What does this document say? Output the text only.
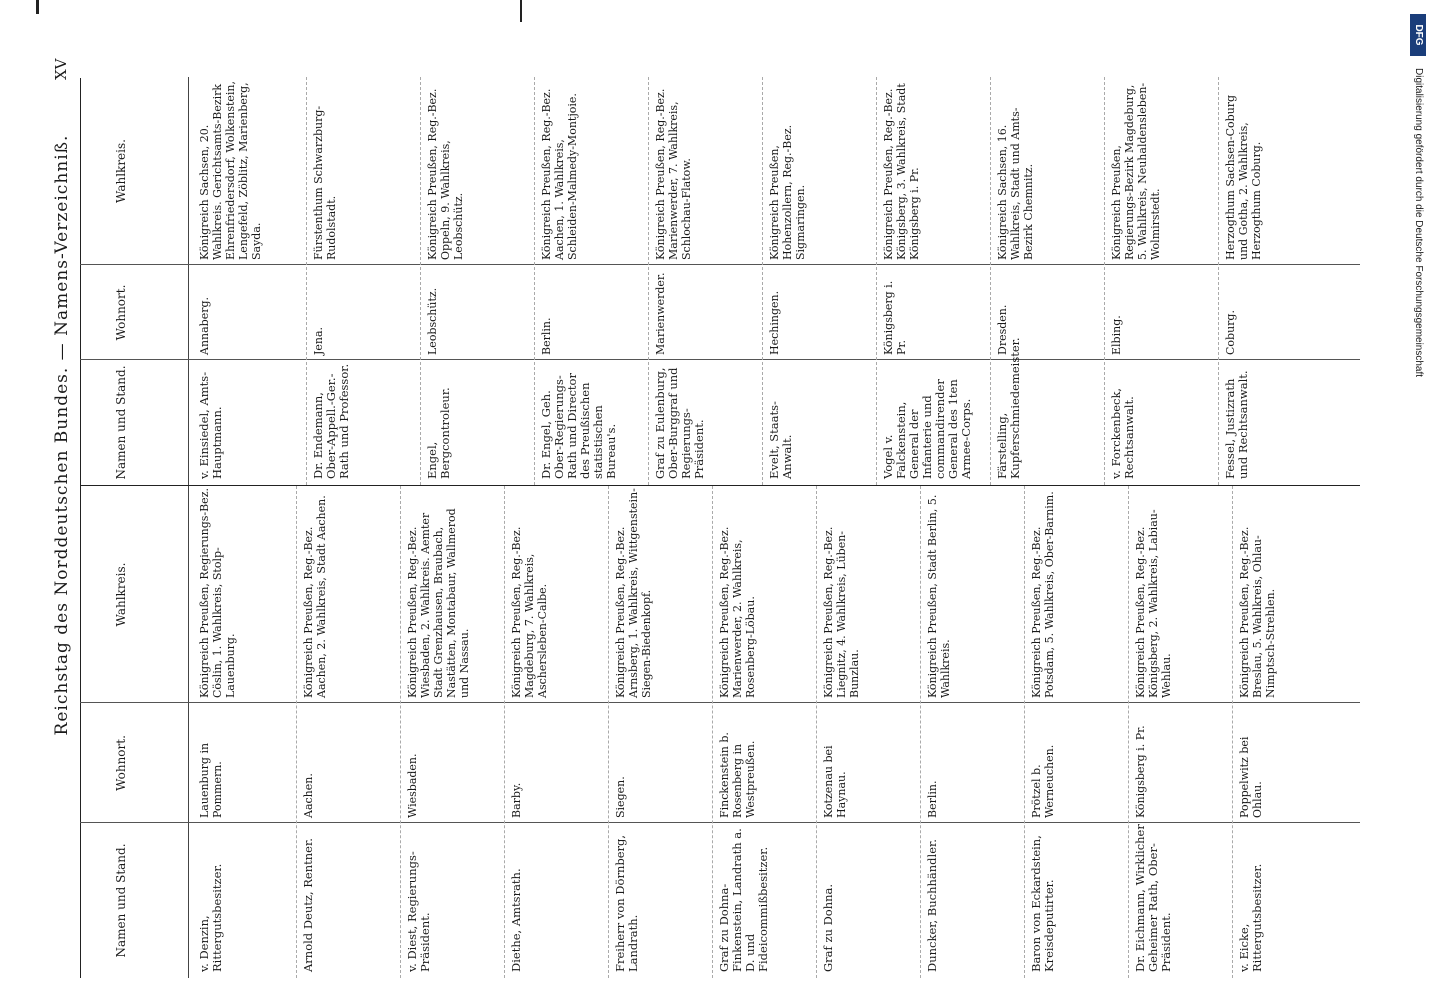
Reichstag des Norddeutschen Bundes. — Namens-Verzeichniß.
XV
Namen und Stand.
Wohnort.
Wahlkreis.
v. Denzin, Rittergutsbesitzer.
Lauenburg in Pommern.
Königreich Preußen, Regierungs-Bez. Cöslin, 1. Wahlkreis, Stolp-Lauenburg.
Arnold Deutz, Rentner.
Aachen.
Königreich Preußen, Reg.-Bez. Aachen, 2. Wahlkreis, Stadt Aachen.
v. Diest, Regierungs-Präsident.
Wiesbaden.
Königreich Preußen, Reg.-Bez. Wiesbaden, 2. Wahlkreis. Aemter Stadt Grenzhausen, Braubach, Nastätten, Montabaur, Wallmerod und Nassau.
Diethe, Amtsrath.
Barby.
Königreich Preußen, Reg.-Bez. Magdeburg, 7. Wahlkreis, Aschersleben-Calbe.
Freiherr von Dörnberg, Landrath.
Siegen.
Königreich Preußen, Reg.-Bez. Arnsberg, 1. Wahlkreis, Wittgenstein-Siegen-Biedenkopf.
Graf zu Dohna-Finkenstein, Landrath a. D. und Fideicommißbesitzer.
Finckenstein b. Rosenberg in Westpreußen.
Königreich Preußen, Reg.-Bez. Marienwerder, 2. Wahlkreis, Rosenberg-Löbau.
Graf zu Dohna.
Kotzenau bei Haynau.
Königreich Preußen, Reg.-Bez. Liegnitz, 4. Wahlkreis, Lüben-Bunzlau.
Duncker, Buchhändler.
Berlin.
Königreich Preußen, Stadt Berlin, 5. Wahlkreis.
Baron von Eckardstein, Kreisdeputirter.
Prötzel b. Werneuchen.
Königreich Preußen, Reg.-Bez. Potsdam, 5. Wahlkreis, Ober-Barnim.
Dr. Eichmann, Wirklicher Geheimer Rath, Ober-Präsident.
Königsberg i. Pr.
Königreich Preußen, Reg.-Bez. Königsberg, 2. Wahlkreis, Labiau-Wehlau.
v. Eicke, Rittergutsbesitzer.
Poppelwitz bei Ohlau.
Königreich Preußen, Reg.-Bez. Breslau, 5. Wahlkreis, Ohlau-Nimptsch-Strehlen.
Namen und Stand.
Wohnort.
Wahlkreis.
v. Einsiedel, Amts-Hauptmann.
Annaberg.
Königreich Sachsen, 20. Wahlkreis. Gerichtsamts-Bezirk Ehrenfriedersdorf, Wolkenstein, Lengefeld, Zöblitz, Marienberg, Sayda.
Dr. Endemann, Ober-Appell.-Ger.-Rath und Professor.
Jena.
Fürstenthum Schwarzburg-Rudolstadt.
Engel, Bergcontroleur.
Leobschütz.
Königreich Preußen, Reg.-Bez. Oppeln, 9. Wahlkreis, Leobschütz.
Dr. Engel, Geh. Ober-Regierungs-Rath und Director des Preußischen statistischen Bureau's.
Berlin.
Königreich Preußen, Reg.-Bez. Aachen, 1. Wahlkreis, Schleiden-Malmedy-Montjoie.
Graf zu Eulenburg, Ober-Burggraf und Regierungs-Präsident.
Marienwerder.
Königreich Preußen, Reg.-Bez. Marienwerder, 7. Wahlkreis, Schlochau-Flatow.
Evelt, Staats-Anwalt.
Hechingen.
Königreich Preußen, Hohenzollern, Reg.-Bez. Sigmaringen.
Vogel v. Falckenstein, General der Infanterie und commandirender General des 1ten Armee-Corps.
Königsberg i. Pr.
Königreich Preußen, Reg.-Bez. Königsberg, 3. Wahlkreis, Stadt Königsberg i. Pr.
Färstelling, Kupferschmiedemeister.
Dresden.
Königreich Sachsen, 16. Wahlkreis, Stadt und Amts-Bezirk Chemnitz.
v. Forckenbeck, Rechtsanwalt.
Elbing.
Königreich Preußen, Regierungs-Bezirk Magdeburg, 5. Wahlkreis, Neuhaldensleben-Wolmirstedt.
Fessel, Justizrath und Rechtsanwalt.
Coburg.
Herzogthum Sachsen-Coburg und Gotha, 2. Wahlkreis, Herzogthum Coburg.
DFG
Digitalisierung gefördert durch die Deutsche Forschungsgemeinschaft
